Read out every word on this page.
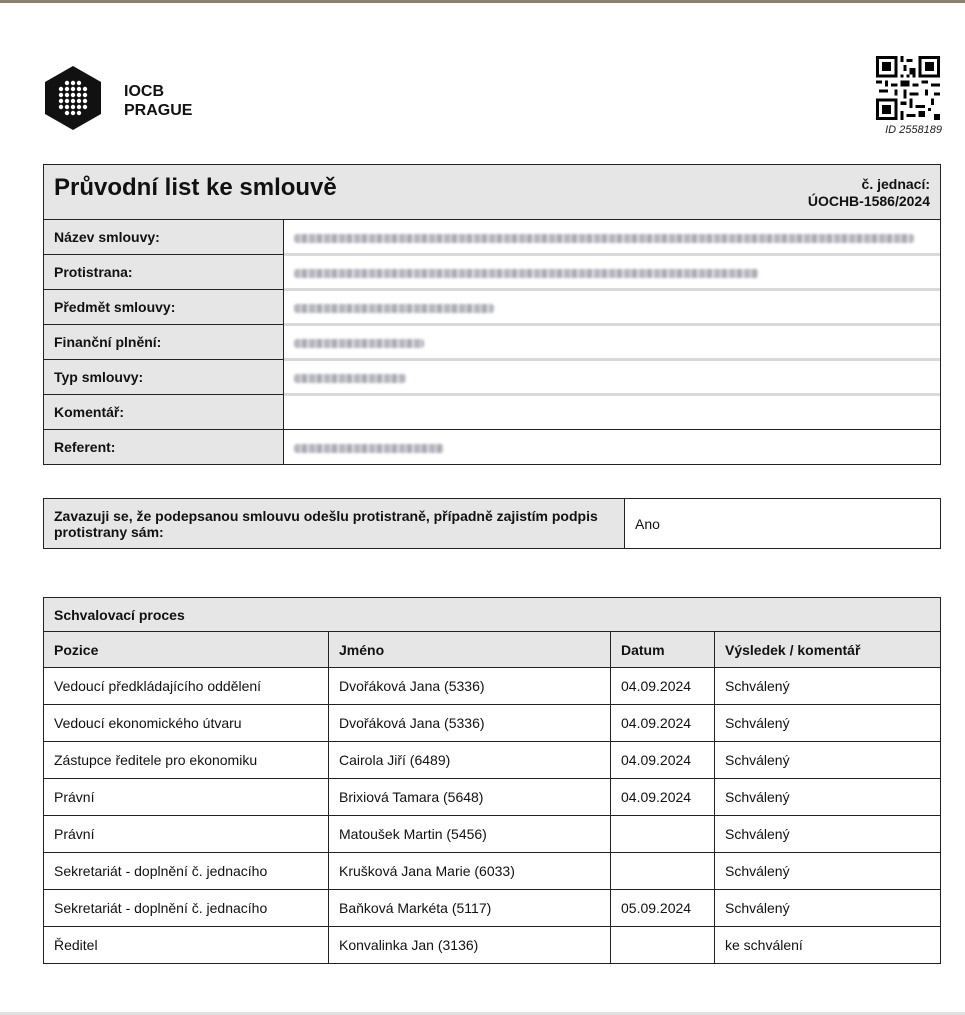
IOCB
PRAGUE
ID 2558189
Průvodní list ke smlouvě č. jednací:
ÚOCHB-1586/2024	

Název smlouvy:	

Protistrana:	

Předmět smlouvy:	

Finanční plnění:	

Typ smlouvy:	

Komentář:	
Referent:	
Zavazuji se, že podepsanou smlouvu odešlu protistraně, případně zajistím podpis protistrany sám:	Ano
Schvalovací proces			
Pozice	Jméno	Datum	Výsledek / komentář
Vedoucí předkládajícího oddělení	Dvořáková Jana (5336)	04.09.2024	Schválený
Vedoucí ekonomického útvaru	Dvořáková Jana (5336)	04.09.2024	Schválený
Zástupce ředitele pro ekonomiku	Cairola Jiří (6489)	04.09.2024	Schválený
Právní	Brixiová Tamara (5648)	04.09.2024	Schválený
Právní	Matoušek Martin (5456)		Schválený
Sekretariát - doplnění č. jednacího	Krušková Jana Marie (6033)		Schválený
Sekretariát - doplnění č. jednacího	Baňková Markéta (5117)	05.09.2024	Schválený
Ředitel	Konvalinka Jan (3136)		ke schválení
